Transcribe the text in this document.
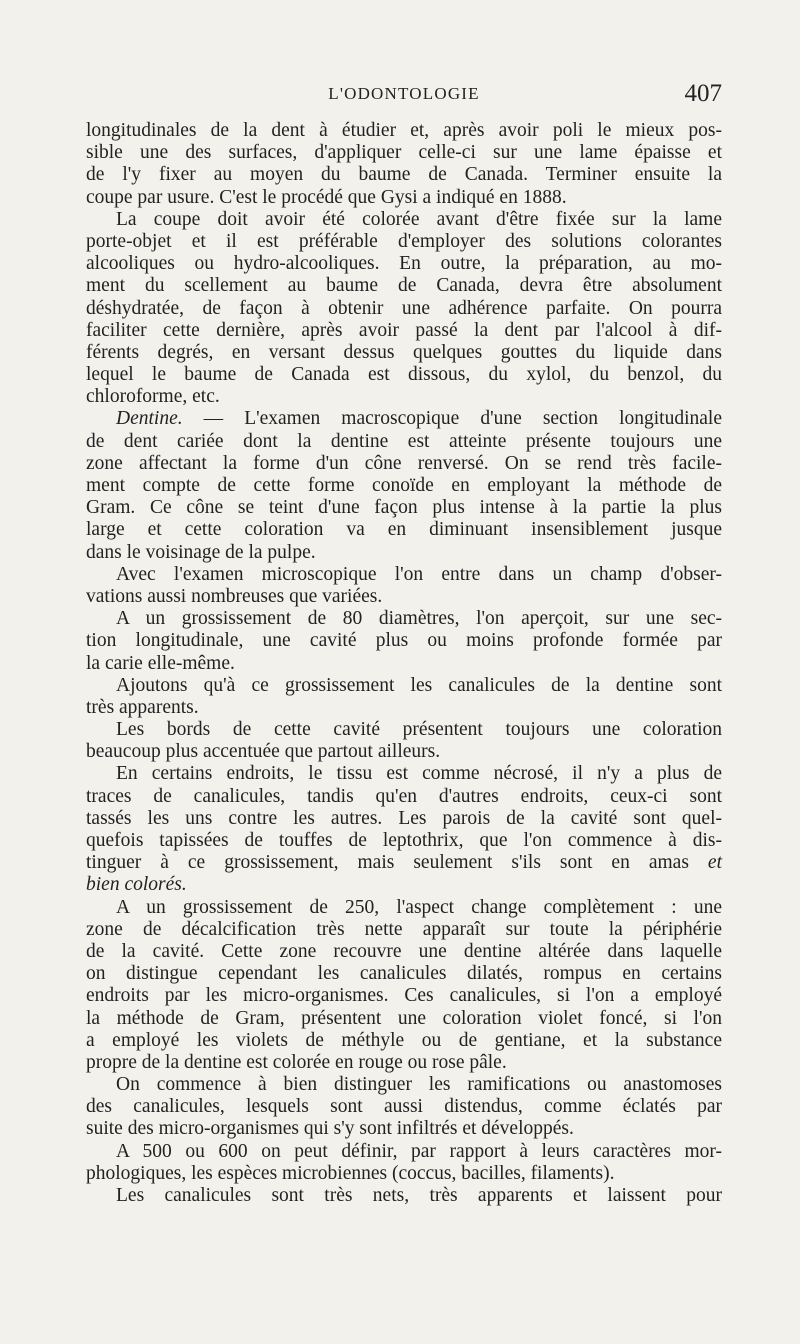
L'ODONTOLOGIE	407
longitudinales de la dent à étudier et, après avoir poli le mieux pos-
sible une des surfaces, d'appliquer celle-ci sur une lame épaisse et
de l'y fixer au moyen du baume de Canada. Terminer ensuite la
coupe par usure. C'est le procédé que Gysi a indiqué en 1888.
La coupe doit avoir été colorée avant d'être fixée sur la lame
porte-objet et il est préférable d'employer des solutions colorantes
alcooliques ou hydro-alcooliques. En outre, la préparation, au mo-
ment du scellement au baume de Canada, devra être absolument
déshydratée, de façon à obtenir une adhérence parfaite. On pourra
faciliter cette dernière, après avoir passé la dent par l'alcool à dif-
férents degrés, en versant dessus quelques gouttes du liquide dans
lequel le baume de Canada est dissous, du xylol, du benzol, du
chloroforme, etc.
Dentine. — L'examen macroscopique d'une section longitudinale
de dent cariée dont la dentine est atteinte présente toujours une
zone affectant la forme d'un cône renversé. On se rend très facile-
ment compte de cette forme conoïde en employant la méthode de
Gram. Ce cône se teint d'une façon plus intense à la partie la plus
large et cette coloration va en diminuant insensiblement jusque
dans le voisinage de la pulpe.
Avec l'examen microscopique l'on entre dans un champ d'obser-
vations aussi nombreuses que variées.
A un grossissement de 80 diamètres, l'on aperçoit, sur une sec-
tion longitudinale, une cavité plus ou moins profonde formée par
la carie elle-même.
Ajoutons qu'à ce grossissement les canalicules de la dentine sont
très apparents.
Les bords de cette cavité présentent toujours une coloration
beaucoup plus accentuée que partout ailleurs.
En certains endroits, le tissu est comme nécrosé, il n'y a plus de
traces de canalicules, tandis qu'en d'autres endroits, ceux-ci sont
tassés les uns contre les autres. Les parois de la cavité sont quel-
quefois tapissées de touffes de leptothrix, que l'on commence à dis-
tinguer à ce grossissement, mais seulement s'ils sont en amas et
bien colorés.
A un grossissement de 250, l'aspect change complètement : une
zone de décalcification très nette apparaît sur toute la périphérie
de la cavité. Cette zone recouvre une dentine altérée dans laquelle
on distingue cependant les canalicules dilatés, rompus en certains
endroits par les micro-organismes. Ces canalicules, si l'on a employé
la méthode de Gram, présentent une coloration violet foncé, si l'on
a employé les violets de méthyle ou de gentiane, et la substance
propre de la dentine est colorée en rouge ou rose pâle.
On commence à bien distinguer les ramifications ou anastomoses
des canalicules, lesquels sont aussi distendus, comme éclatés par
suite des micro-organismes qui s'y sont infiltrés et développés.
A 500 ou 600 on peut définir, par rapport à leurs caractères mor-
phologiques, les espèces microbiennes (coccus, bacilles, filaments).
Les canalicules sont très nets, très apparents et laissent pour
